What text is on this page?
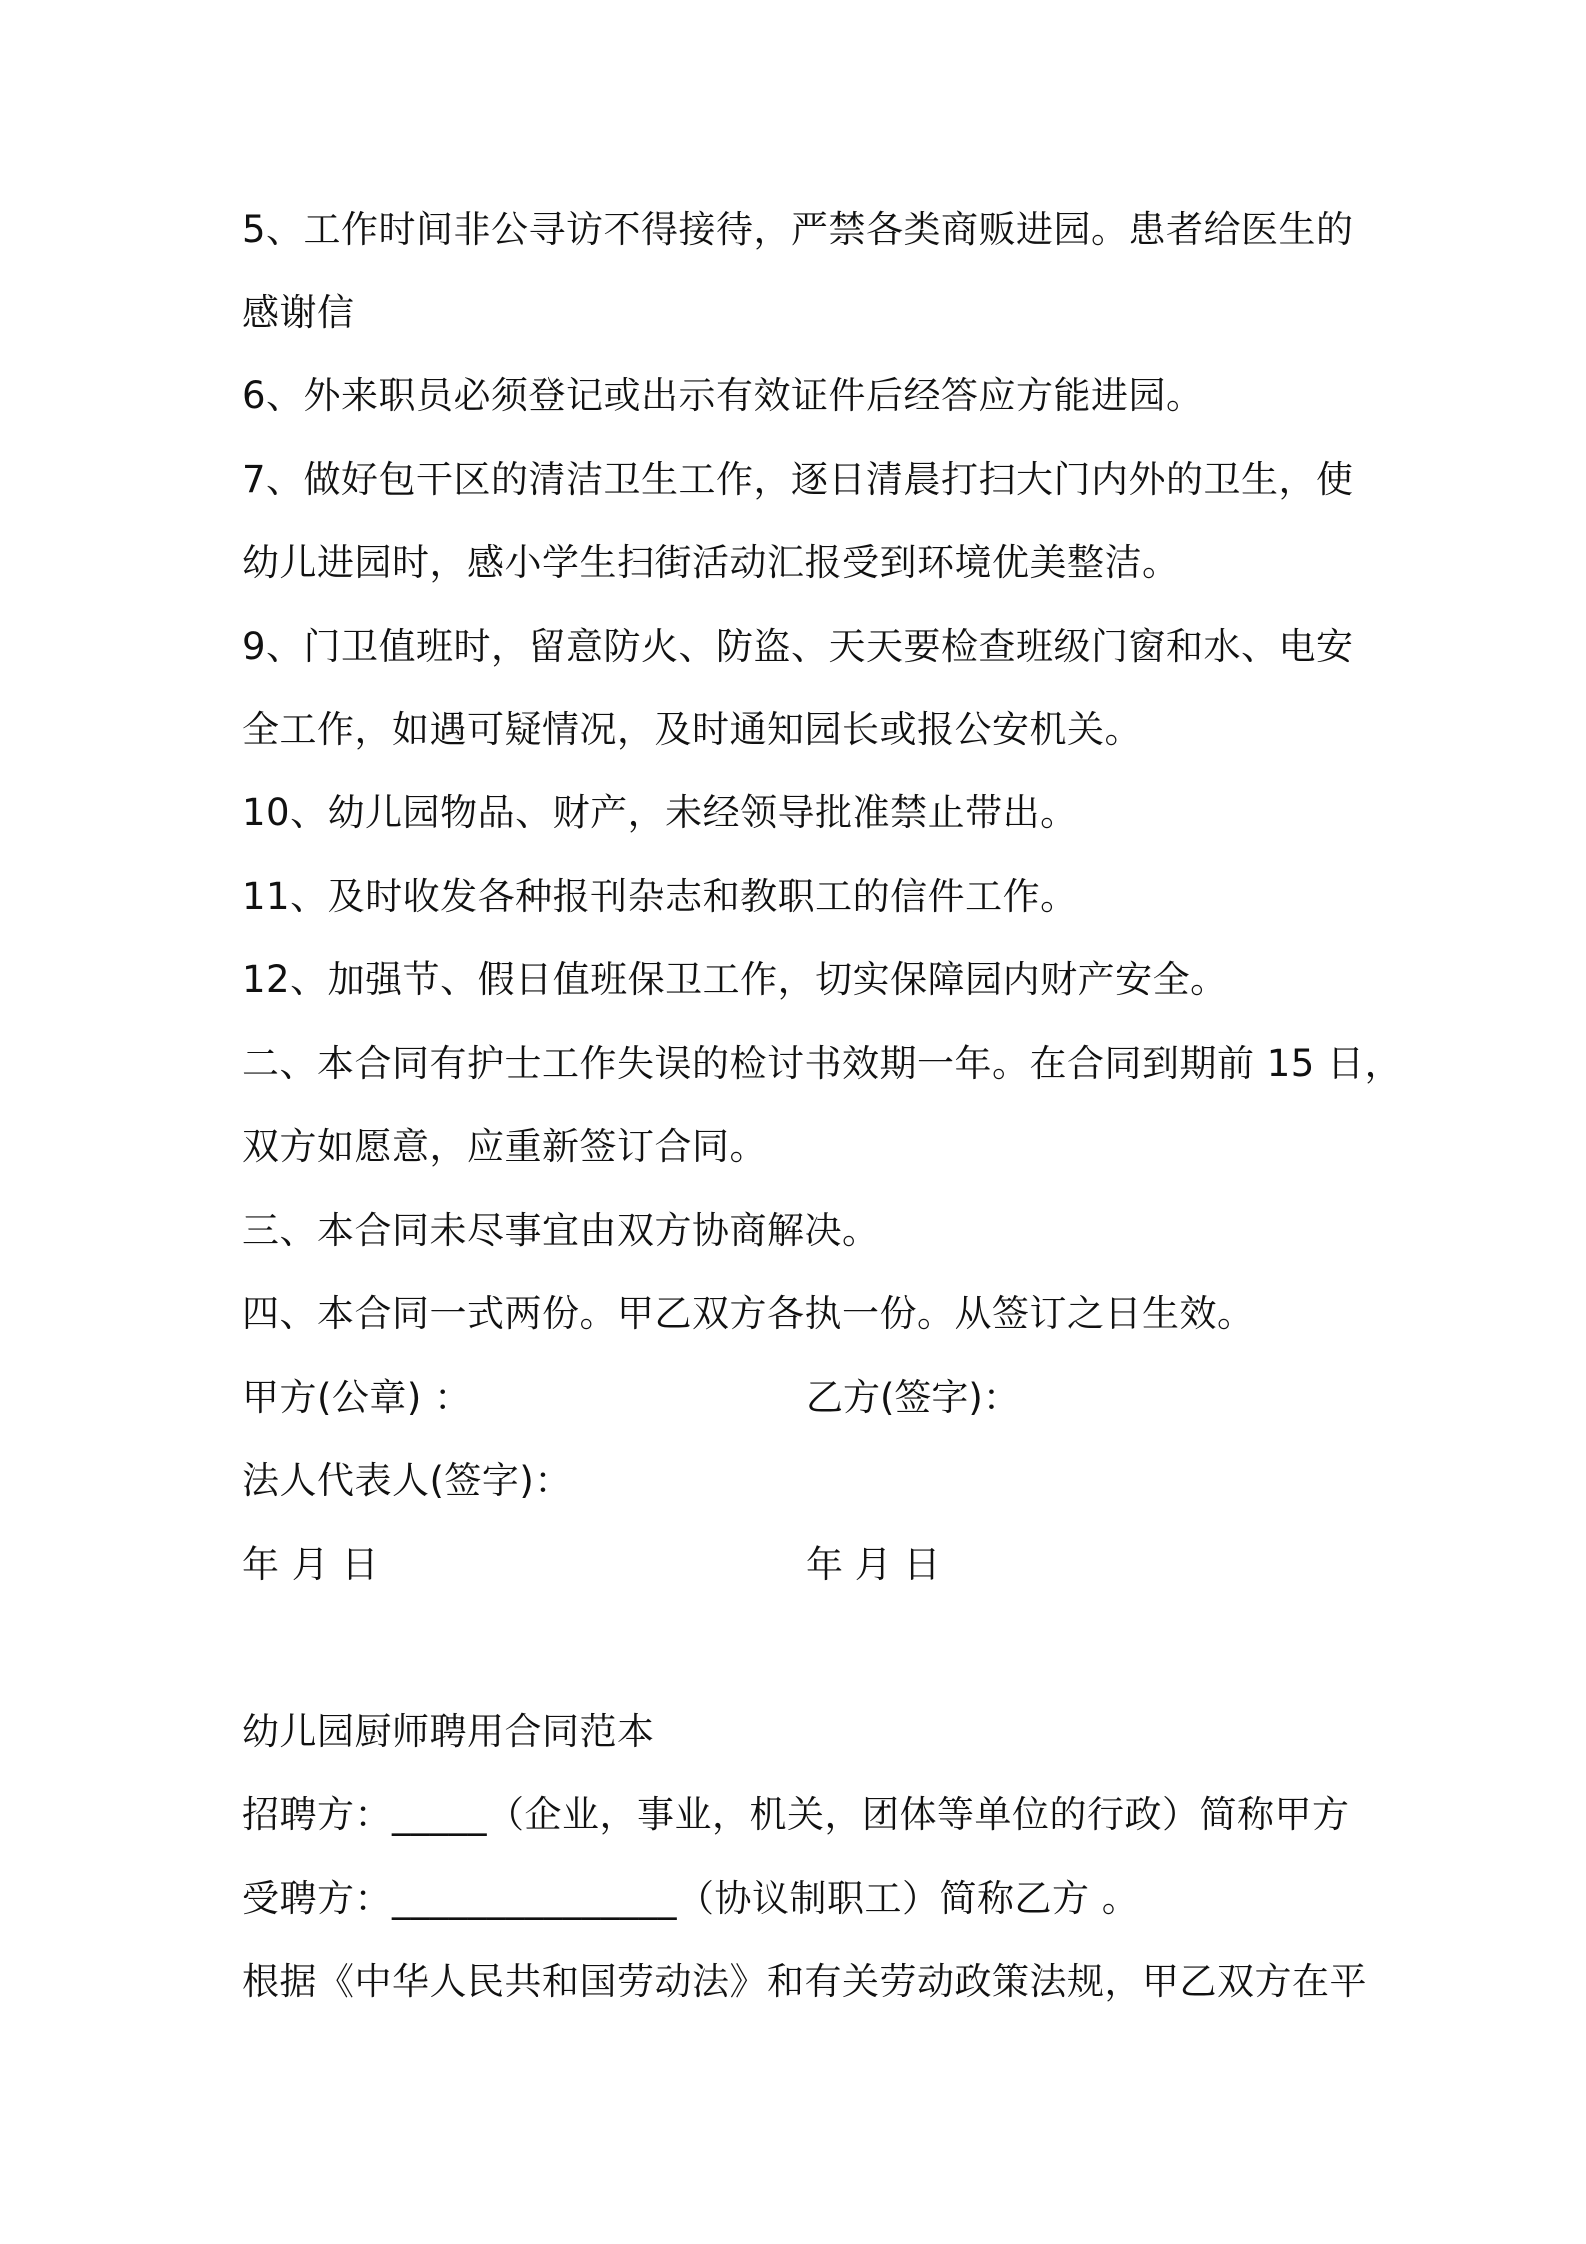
5、工作时间非公寻访不得接待，严禁各类商贩进园。患者给医生的
感谢信
6、外来职员必须登记或出示有效证件后经答应方能进园。
7、做好包干区的清洁卫生工作，逐日清晨打扫大门内外的卫生，使
幼儿进园时，感小学生扫街活动汇报受到环境优美整洁。
9、门卫值班时，留意防火、防盗、天天要检查班级门窗和水、电安
全工作，如遇可疑情况，及时通知园长或报公安机关。
10、幼儿园物品、财产，未经领导批准禁止带出。
11、及时收发各种报刊杂志和教职工的信件工作。
12、加强节、假日值班保卫工作，切实保障园内财产安全。
二、本合同有护士工作失误的检讨书效期一年。在合同到期前 15 日，
双方如愿意，应重新签订合同。
三、本合同未尽事宜由双方协商解决。
四、本合同一式两份。甲乙双方各执一份。从签订之日生效。
甲方(公章) ：	乙方(签字)：
法人代表人(签字)：
年 月 日	年 月 日
幼儿园厨师聘用合同范本
招聘方：_____（企业，事业，机关，团体等单位的行政）简称甲方
受聘方：_______________（协议制职工）简称乙方 。
根据《中华人民共和国劳动法》和有关劳动政策法规，甲乙双方在平
